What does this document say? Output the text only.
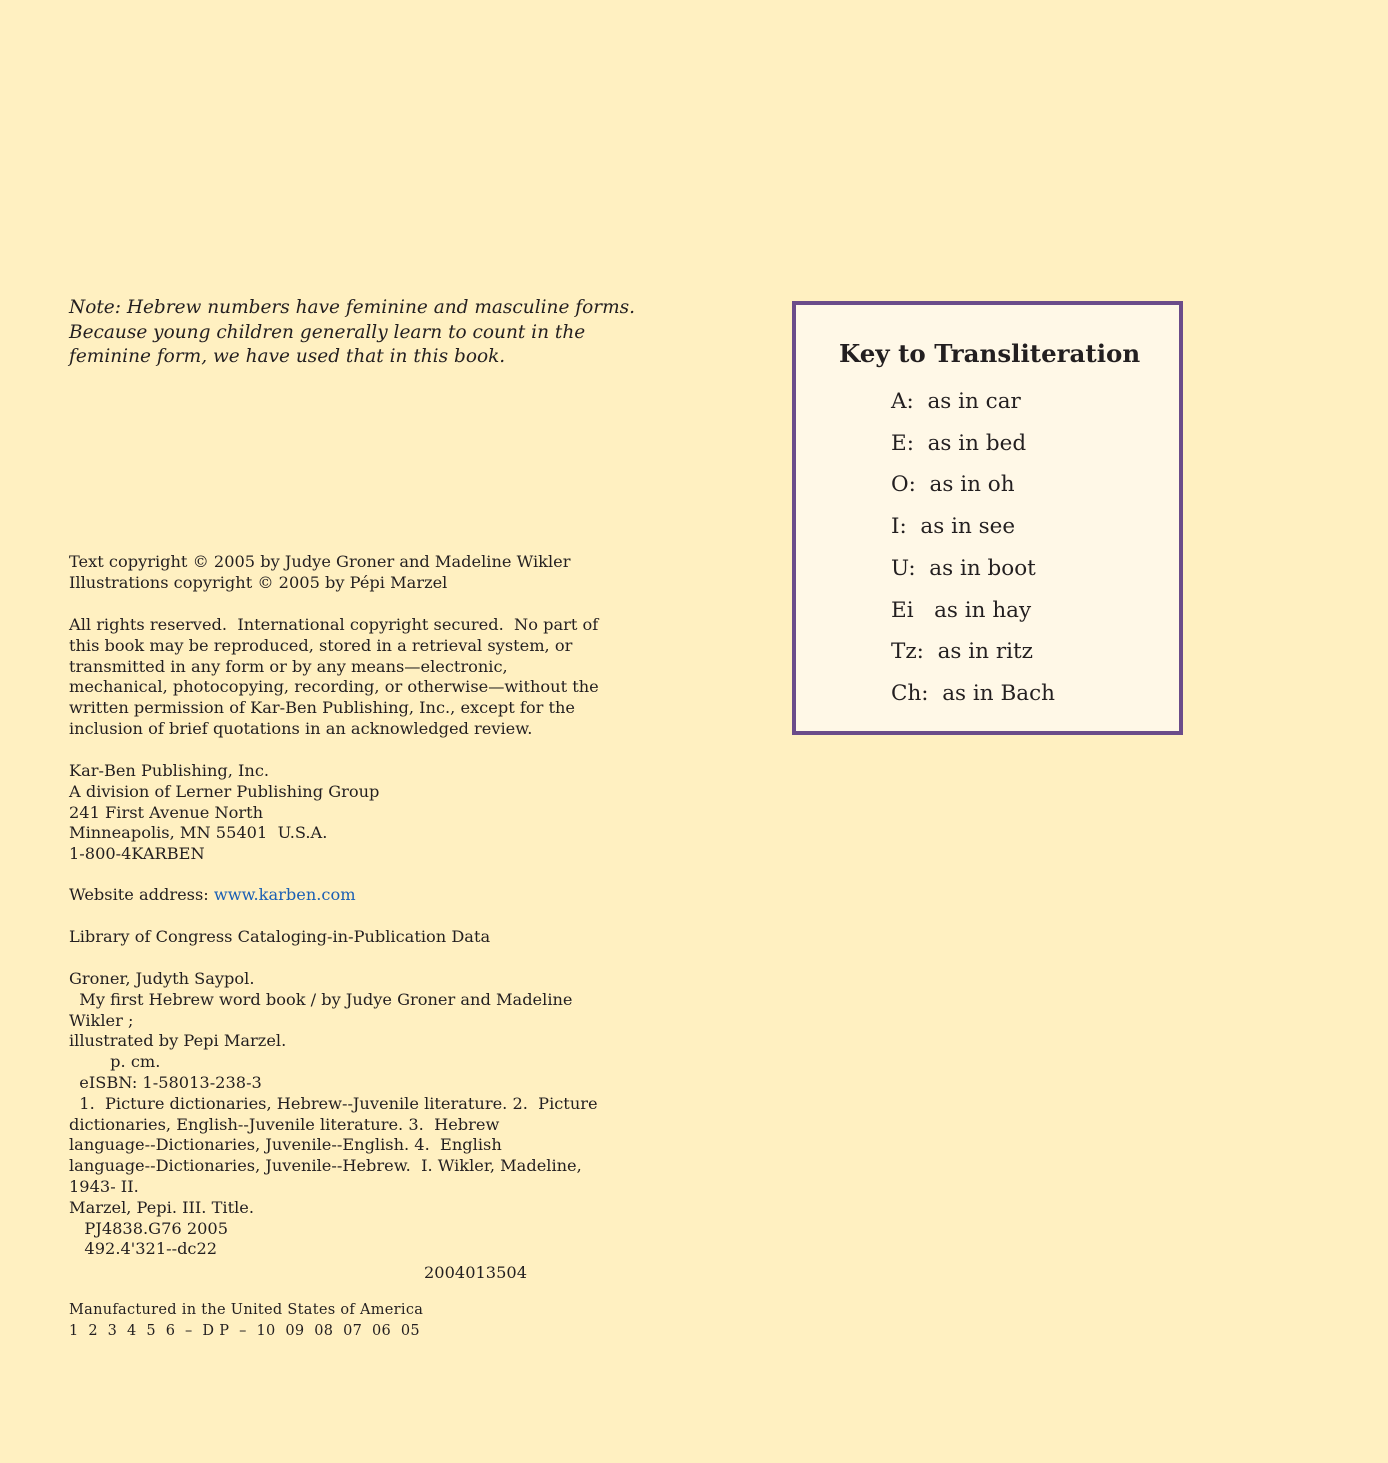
Note: Hebrew numbers have feminine and masculine forms.
Because young children generally learn to count in the
feminine form, we have used that in this book.
Text copyright © 2005 by Judye Groner and Madeline Wikler
Illustrations copyright © 2005 by Pépi Marzel
All rights reserved.  International copyright secured.  No part of
this book may be reproduced, stored in a retrieval system, or
transmitted in any form or by any means—electronic,
mechanical, photocopying, recording, or otherwise—without the
written permission of Kar-Ben Publishing, Inc., except for the
inclusion of brief quotations in an acknowledged review.
Kar-Ben Publishing, Inc.
A division of Lerner Publishing Group
241 First Avenue North
Minneapolis, MN 55401  U.S.A.
1-800-4KARBEN
Website address: www.karben.com
Library of Congress Cataloging-in-Publication Data
Groner, Judyth Saypol.
My first Hebrew word book / by Judye Groner and Madeline
Wikler ;
illustrated by Pepi Marzel.
p. cm.
eISBN: 1-58013-238-3
1.  Picture dictionaries, Hebrew--Juvenile literature. 2.  Picture
dictionaries, English--Juvenile literature. 3.  Hebrew
language--Dictionaries, Juvenile--English. 4.  English
language--Dictionaries, Juvenile--Hebrew.  I. Wikler, Madeline,
1943- II.
Marzel, Pepi. III. Title.
PJ4838.G76 2005
492.4'321--dc22
2004013504
Manufactured in the United States of America
1  2  3  4  5  6  –  D P  –  10  09  08  07  06  05
Key to Transliteration
A:  as in car
E:  as in bed
O:  as in oh
I:  as in see
U:  as in boot
Ei   as in hay
Tz:  as in ritz
Ch:  as in Bach
